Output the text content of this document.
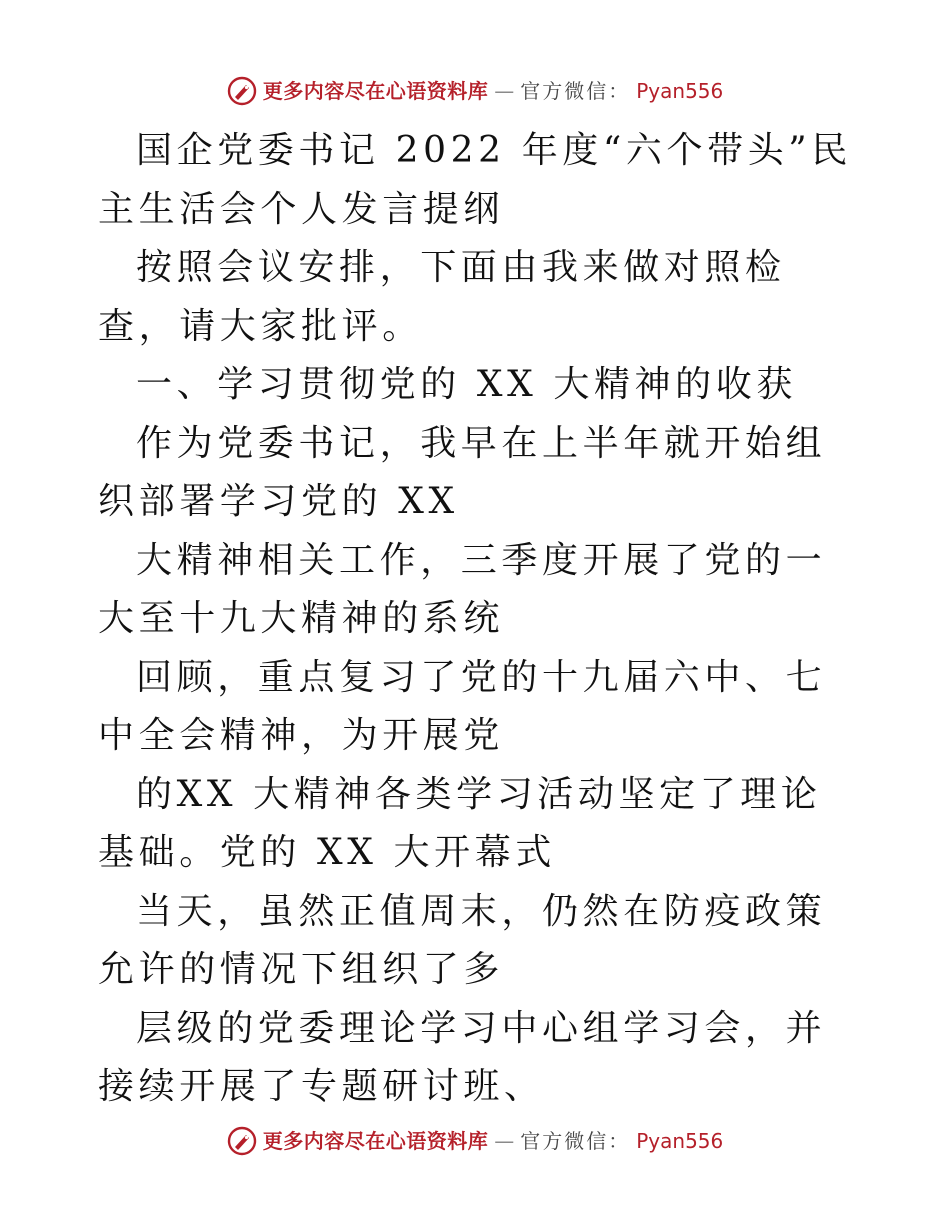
更多内容尽在心语资料库 — 官方微信： Pyan556

国企党委书记 2022 年度“六个带头”民主生活会个人发言提纲

按照会议安排，下面由我来做对照检查，请大家批评。

一、学习贯彻党的 XX 大精神的收获

作为党委书记，我早在上半年就开始组织部署学习党的 XX

大精神相关工作，三季度开展了党的一大至十九大精神的系统

回顾，重点复习了党的十九届六中、七中全会精神，为开展党

的XX 大精神各类学习活动坚定了理论基础。党的 XX 大开幕式

当天，虽然正值周末，仍然在防疫政策允许的情况下组织了多

层级的党委理论学习中心组学习会，并接续开展了专题研讨班、

更多内容尽在心语资料库 — 官方微信： Pyan556
